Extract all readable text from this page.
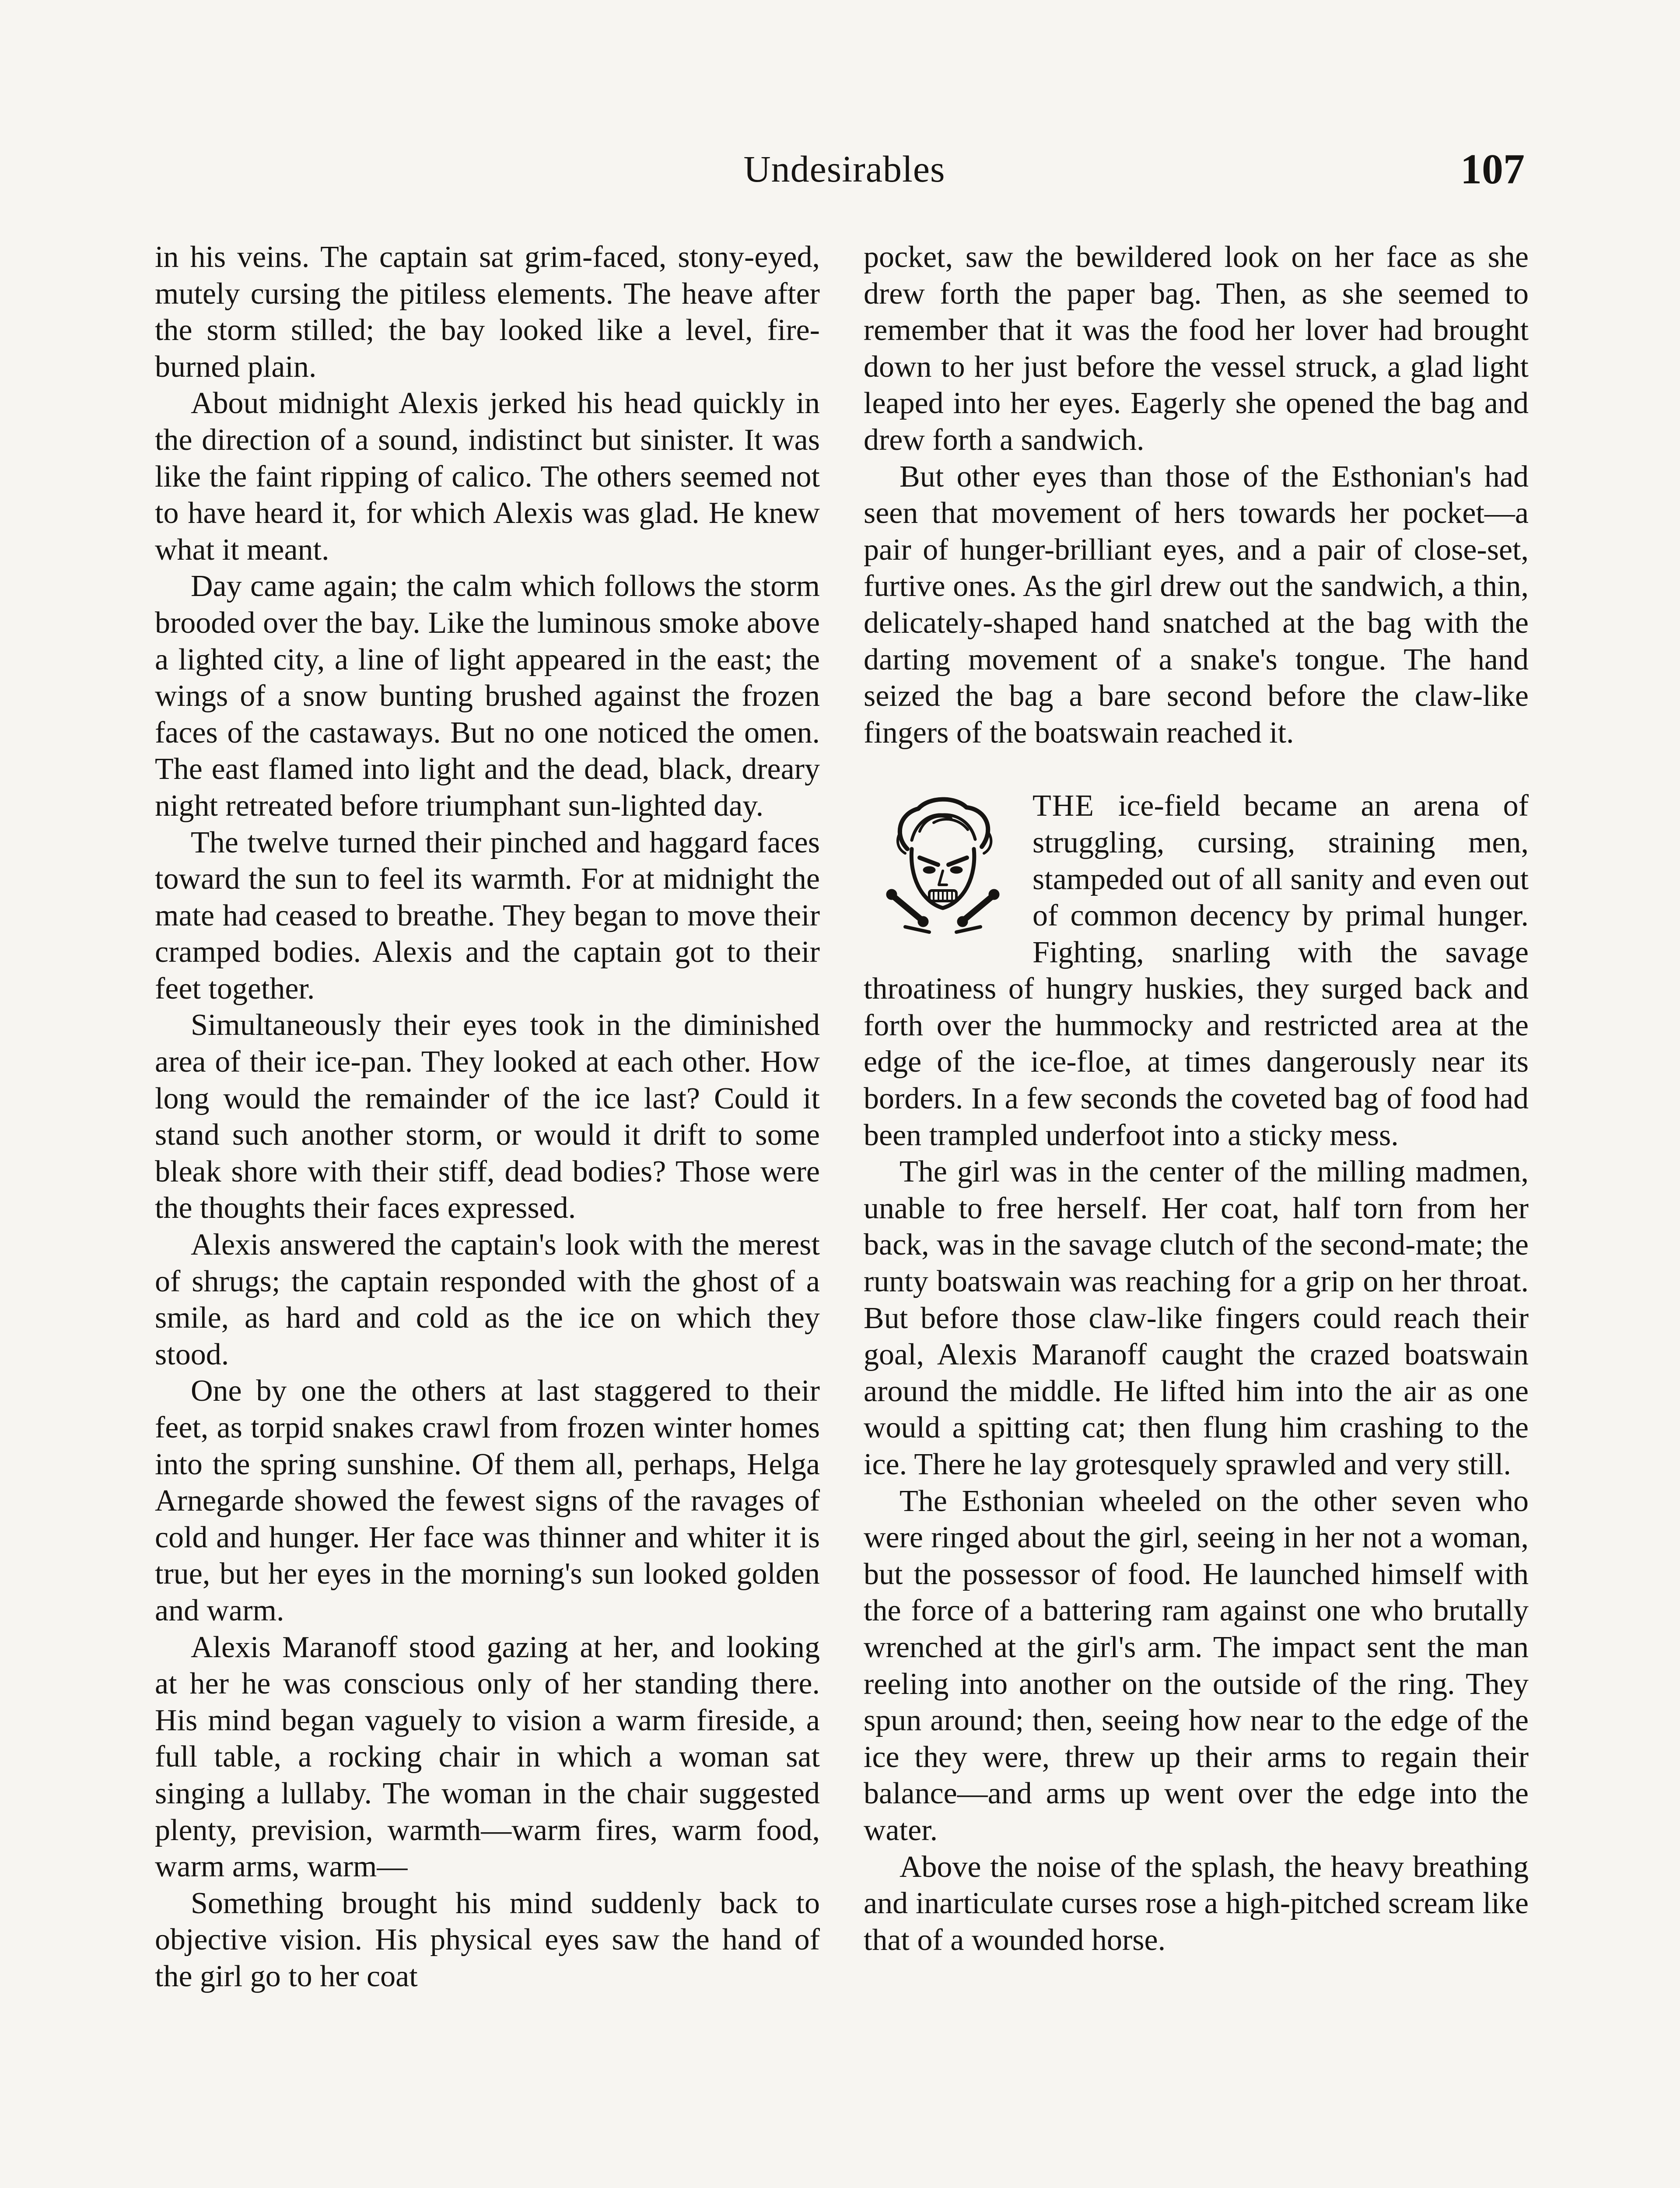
Undesirables	107

in his veins. The captain sat grim-faced, stony-eyed, mutely cursing the pitiless elements. The heave after the storm stilled; the bay looked like a level, fire-burned plain.

About midnight Alexis jerked his head quickly in the direction of a sound, indistinct but sinister. It was like the faint ripping of calico. The others seemed not to have heard it, for which Alexis was glad. He knew what it meant.

Day came again; the calm which follows the storm brooded over the bay. Like the luminous smoke above a lighted city, a line of light appeared in the east; the wings of a snow bunting brushed against the frozen faces of the castaways. But no one noticed the omen. The east flamed into light and the dead, black, dreary night retreated before triumphant sun-lighted day.

The twelve turned their pinched and haggard faces toward the sun to feel its warmth. For at midnight the mate had ceased to breathe. They began to move their cramped bodies. Alexis and the captain got to their feet together.

Simultaneously their eyes took in the diminished area of their ice-pan. They looked at each other. How long would the remainder of the ice last? Could it stand such another storm, or would it drift to some bleak shore with their stiff, dead bodies? Those were the thoughts their faces expressed.

Alexis answered the captain's look with the merest of shrugs; the captain responded with the ghost of a smile, as hard and cold as the ice on which they stood.

One by one the others at last staggered to their feet, as torpid snakes crawl from frozen winter homes into the spring sunshine. Of them all, perhaps, Helga Arnegarde showed the fewest signs of the ravages of cold and hunger. Her face was thinner and whiter it is true, but her eyes in the morning's sun looked golden and warm.

Alexis Maranoff stood gazing at her, and looking at her he was conscious only of her standing there. His mind began vaguely to vision a warm fireside, a full table, a rocking chair in which a woman sat singing a lullaby. The woman in the chair suggested plenty, prevision, warmth—warm fires, warm food, warm arms, warm—

Something brought his mind suddenly back to objective vision. His physical eyes saw the hand of the girl go to her coat

pocket, saw the bewildered look on her face as she drew forth the paper bag. Then, as she seemed to remember that it was the food her lover had brought down to her just before the vessel struck, a glad light leaped into her eyes. Eagerly she opened the bag and drew forth a sandwich.

But other eyes than those of the Esthonian's had seen that movement of hers towards her pocket—a pair of hunger-brilliant eyes, and a pair of close-set, furtive ones. As the girl drew out the sandwich, a thin, delicately-shaped hand snatched at the bag with the darting movement of a snake's tongue. The hand seized the bag a bare second before the claw-like fingers of the boatswain reached it.

THE ice-field became an arena of struggling, cursing, straining men, stampeded out of all sanity and even out of common decency by primal hunger. Fighting, snarling with the savage throatiness of hungry huskies, they surged back and forth over the hummocky and restricted area at the edge of the ice-floe, at times dangerously near its borders. In a few seconds the coveted bag of food had been trampled underfoot into a sticky mess.

The girl was in the center of the milling madmen, unable to free herself. Her coat, half torn from her back, was in the savage clutch of the second-mate; the runty boatswain was reaching for a grip on her throat. But before those claw-like fingers could reach their goal, Alexis Maranoff caught the crazed boatswain around the middle. He lifted him into the air as one would a spitting cat; then flung him crashing to the ice. There he lay grotesquely sprawled and very still.

The Esthonian wheeled on the other seven who were ringed about the girl, seeing in her not a woman, but the possessor of food. He launched himself with the force of a battering ram against one who brutally wrenched at the girl's arm. The impact sent the man reeling into another on the outside of the ring. They spun around; then, seeing how near to the edge of the ice they were, threw up their arms to regain their balance—and arms up went over the edge into the water.

Above the noise of the splash, the heavy breathing and inarticulate curses rose a high-pitched scream like that of a wounded horse.
